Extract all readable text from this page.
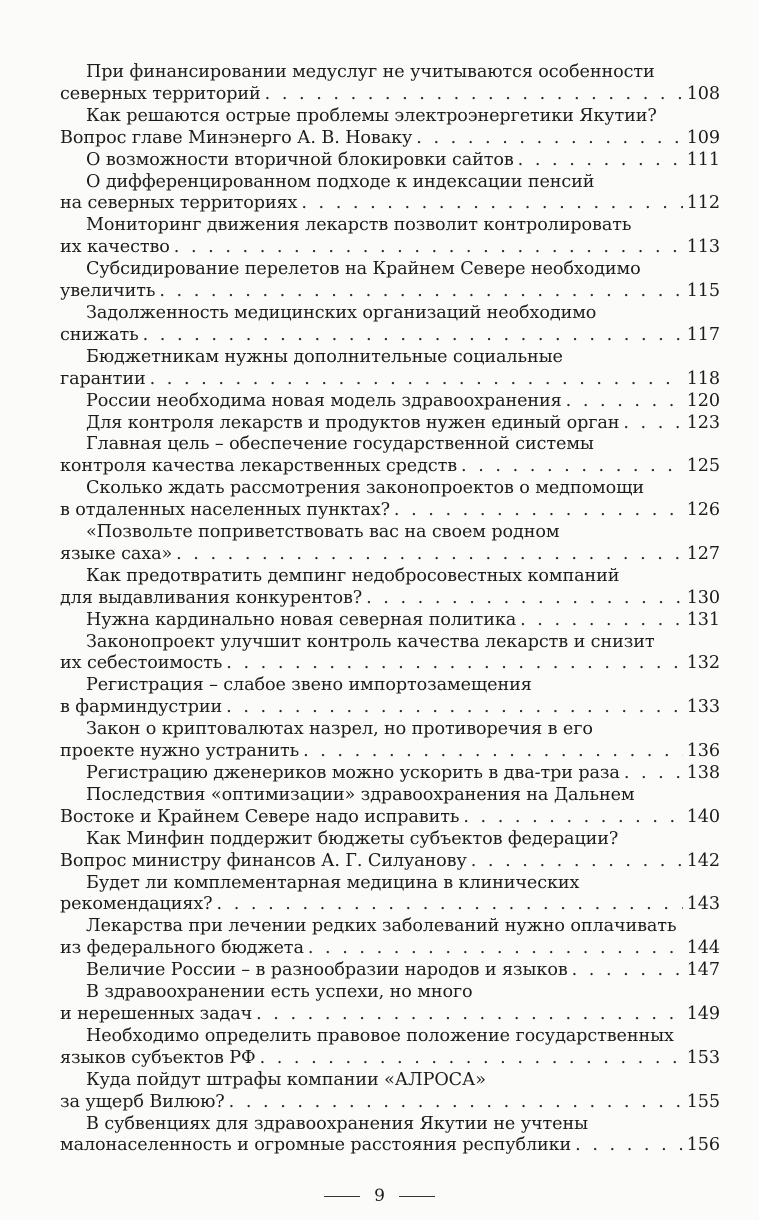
При финансировании медуслуг не учитываются особенности
северных территорий . . .	108
Как решаются острые проблемы электроэнергетики Якутии?
Вопрос главе Минэнерго А. В. Новаку . . .	109
О возможности вторичной блокировки сайтов . . .	111
О дифференцированном подходе к индексации пенсий
на северных территориях . . .	112
Мониторинг движения лекарств позволит контролировать
их качество . . .	113
Субсидирование перелетов на Крайнем Севере необходимо
увеличить . . .	115
Задолженность медицинских организаций необходимо
снижать . . .	117
Бюджетникам нужны дополнительные социальные
гарантии . . .	118
России необходима новая модель здравоохранения . . .	120
Для контроля лекарств и продуктов нужен единый орган . . .	123
Главная цель – обеспечение государственной системы
контроля качества лекарственных средств . . .	125
Сколько ждать рассмотрения законопроектов о медпомощи
в отдаленных населенных пунктах? . . .	126
«Позвольте поприветствовать вас на своем родном
языке саха» . . .	127
Как предотвратить демпинг недобросовестных компаний
для выдавливания конкурентов? . . .	130
Нужна кардинально новая северная политика . . .	131
Законопроект улучшит контроль качества лекарств и снизит
их себестоимость . . .	132
Регистрация – слабое звено импортозамещения
в фарминдустрии . . .	133
Закон о криптовалютах назрел, но противоречия в его
проекте нужно устранить . . .	136
Регистрацию дженериков можно ускорить в два-три раза . . .	138
Последствия «оптимизации» здравоохранения на Дальнем
Востоке и Крайнем Севере надо исправить . . .	140
Как Минфин поддержит бюджеты субъектов федерации?
Вопрос министру финансов А. Г. Силуанову . . .	142
Будет ли комплементарная медицина в клинических
рекомендациях? . . .	143
Лекарства при лечении редких заболеваний нужно оплачивать
из федерального бюджета . . .	144
Величие России – в разнообразии народов и языков . . .	147
В здравоохранении есть успехи, но много
и нерешенных задач . . .	149
Необходимо определить правовое положение государственных
языков субъектов РФ . . .	153
Куда пойдут штрафы компании «АЛРОСА»
за ущерб Вилюю? . . .	155
В субвенциях для здравоохранения Якутии не учтены
малонаселенность и огромные расстояния республики . . .	156
9
